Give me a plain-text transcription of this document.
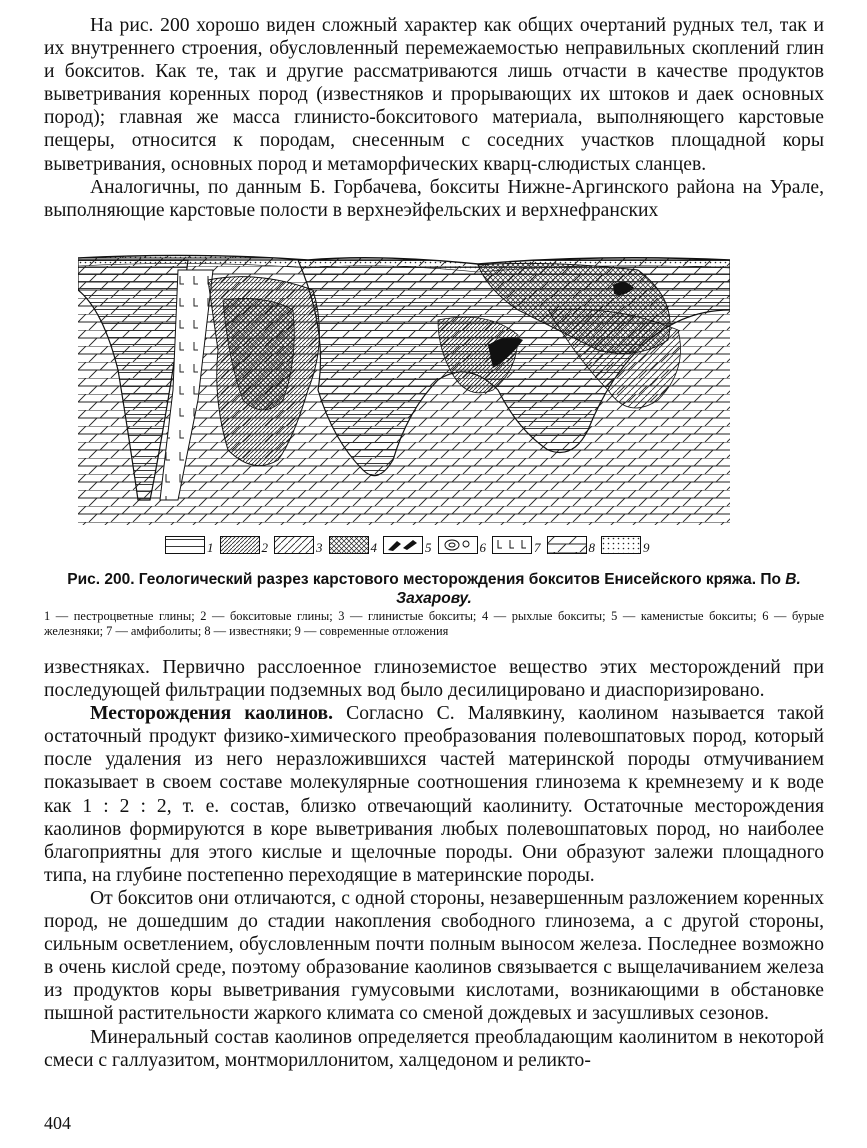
На рис. 200 хорошо виден сложный характер как общих очертаний рудных тел, так и их внутреннего строения, обусловленный перемежаемостью неправильных скоплений глин и бокситов. Как те, так и другие рассматриваются лишь отчасти в качестве продуктов выветривания коренных пород (известняков и прорывающих их штоков и даек основных пород); главная же масса глинисто-бокситового материала, выполняющего карстовые пещеры, относится к породам, снесенным с соседних участков площадной коры выветривания, основных пород и метаморфических кварц-слюдистых сланцев.

Аналогичны, по данным Б. Горбачева, бокситы Нижне-Аргинского района на Урале, выполняющие карстовые полости в верхнеэйфельских и верхнефранских

1	2	3	4	5	6	7	8	9
Рис. 200. Геологический разрез карстового месторождения бокситов Енисейского кряжа. По В. Захарову.
1 — пестроцветные глины; 2 — бокситовые глины; 3 — глинистые бокситы; 4 — рыхлые бокситы; 5 — каменистые бокситы; 6 — бурые железняки; 7 — амфиболиты; 8 — известняки; 9 — современные отложения

известняках. Первично расслоенное глиноземистое вещество этих месторождений при последующей фильтрации подземных вод было десилицировано и диаспоризировано.

Месторождения каолинов. Согласно С. Малявкину, каолином называется такой остаточный продукт физико-химического преобразования полевошпатовых пород, который после удаления из него неразложившихся частей материнской породы отмучиванием показывает в своем составе молекулярные соотношения глинозема к кремнезему и к воде как 1 : 2 : 2, т. е. состав, близко отвечающий каолиниту. Остаточные месторождения каолинов формируются в коре выветривания любых полевошпатовых пород, но наиболее благоприятны для этого кислые и щелочные породы. Они образуют залежи площадного типа, на глубине постепенно переходящие в материнские породы.

От бокситов они отличаются, с одной стороны, незавершенным разложением коренных пород, не дошедшим до стадии накопления свободного глинозема, а с другой стороны, сильным осветлением, обусловленным почти полным выносом железа. Последнее возможно в очень кислой среде, поэтому образование каолинов связывается с выщелачиванием железа из продуктов коры выветривания гумусовыми кислотами, возникающими в обстановке пышной растительности жаркого климата со сменой дождевых и засушливых сезонов.

Минеральный состав каолинов определяется преобладающим каолинитом в некоторой смеси с галлуазитом, монтмориллонитом, халцедоном и реликто-

404
